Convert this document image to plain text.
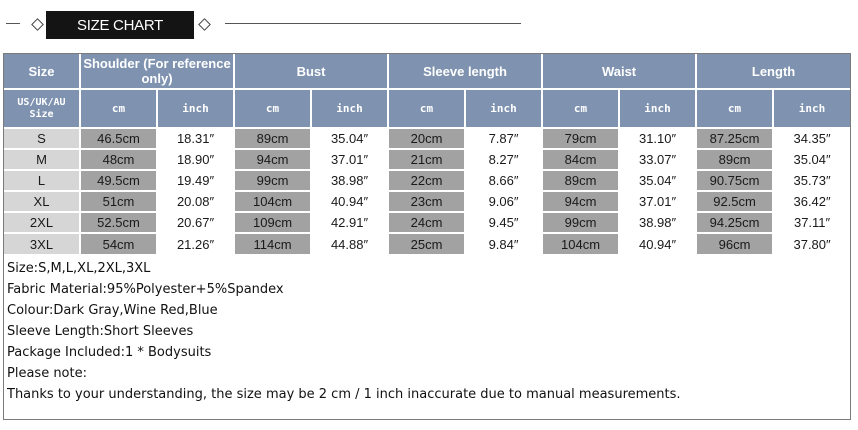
SIZE CHART
Size	Shoulder (For reference only)		Bust		Sleeve length		Waist		Length	
US/UK/AU Size	cm	inch	cm	inch	cm	inch	cm	inch	cm	inch
S	46.5cm	18.31″	89cm	35.04″	20cm	7.87″	79cm	31.10″	87.25cm	34.35″
M	48cm	18.90″	94cm	37.01″	21cm	8.27″	84cm	33.07″	89cm	35.04″
L	49.5cm	19.49″	99cm	38.98″	22cm	8.66″	89cm	35.04″	90.75cm	35.73″
XL	51cm	20.08″	104cm	40.94″	23cm	9.06″	94cm	37.01″	92.5cm	36.42″
2XL	52.5cm	20.67″	109cm	42.91″	24cm	9.45″	99cm	38.98″	94.25cm	37.11″
3XL	54cm	21.26″	114cm	44.88″	25cm	9.84″	104cm	40.94″	96cm	37.80″
Size:S,M,L,XL,2XL,3XL
Fabric Material:95%Polyester+5%Spandex
Colour:Dark Gray,Wine Red,Blue
Sleeve Length:Short Sleeves
Package Included:1 * Bodysuits
Please note:
Thanks to your understanding, the size may be 2 cm / 1 inch inaccurate due to manual measurements.
